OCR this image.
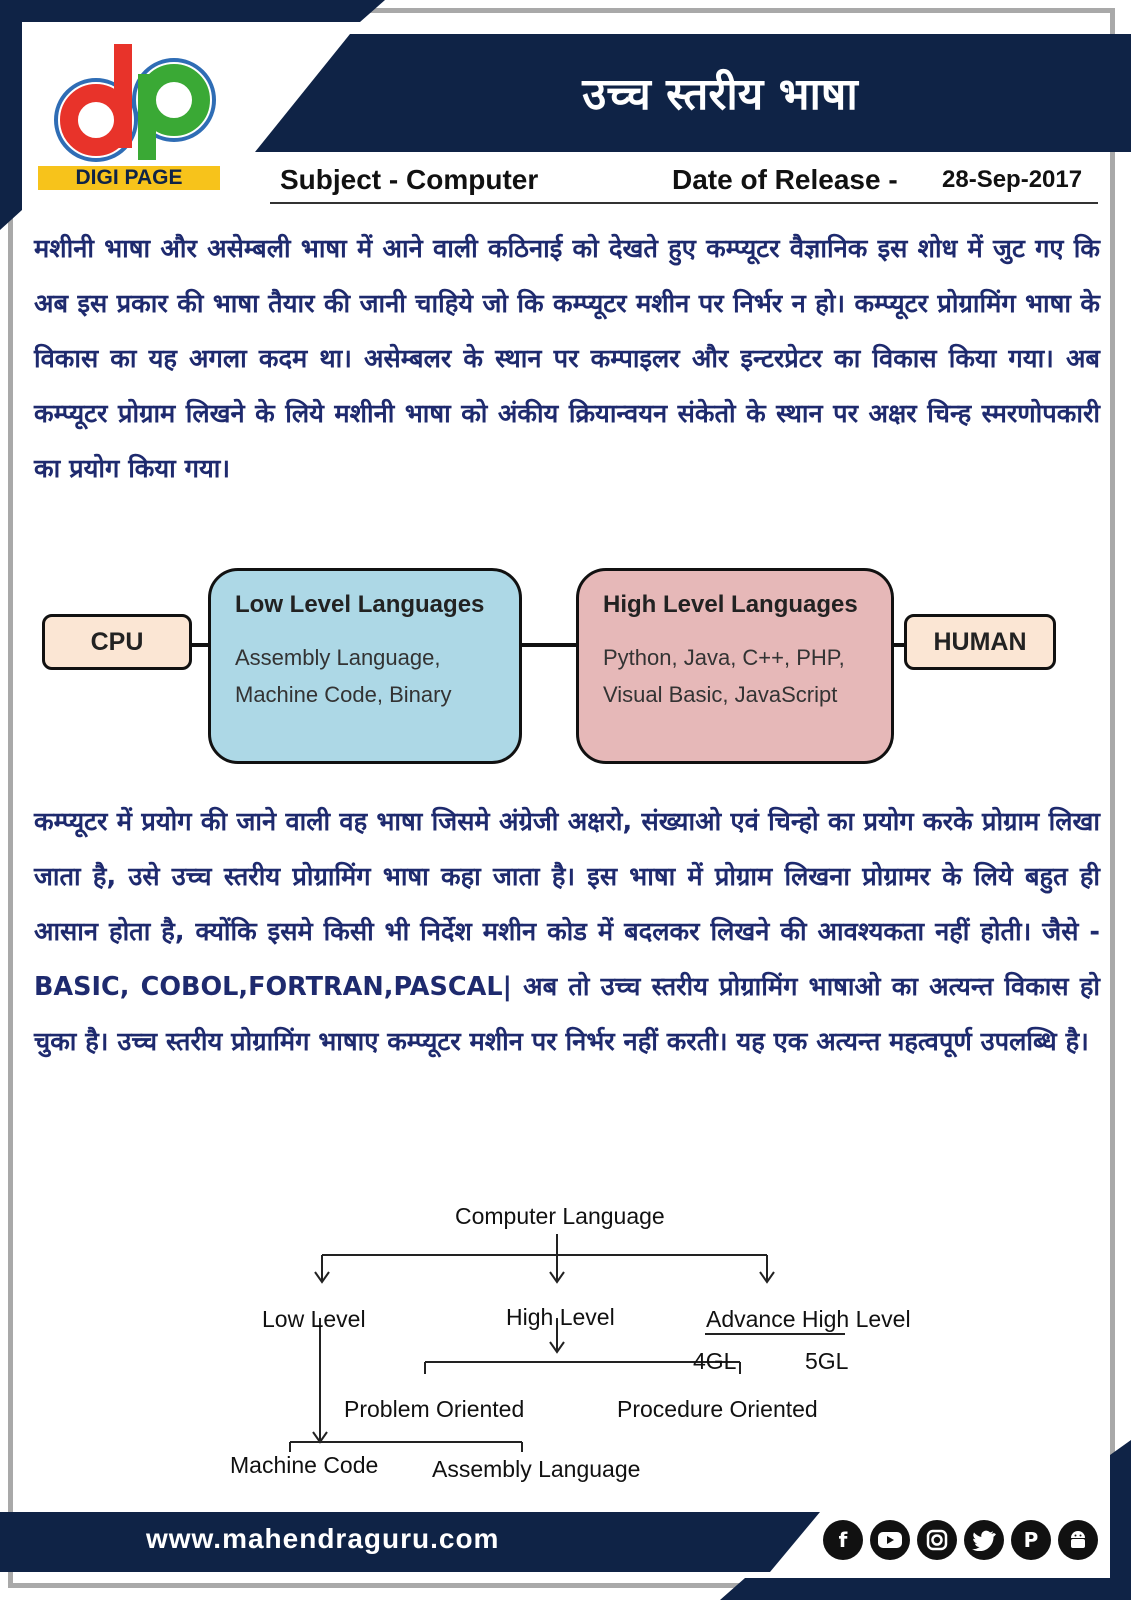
उच्च स्तरीय भाषा
DIGI PAGE	Subject - Computer	Date of Release - 28-Sep-2017
मशीनी भाषा और असेम्बली भाषा में आने वाली कठिनाई को देखते हुए कम्प्यूटर वैज्ञानिक इस शोध में जुट गए कि अब इस प्रकार की भाषा तैयार की जानी चाहिये जो कि कम्प्यूटर मशीन पर निर्भर न हो। कम्प्यूटर प्रोग्रामिंग भाषा के विकास का यह अगला कदम था। असेम्बलर के स्थान पर कम्पाइलर और इन्टरप्रेटर का विकास किया गया। अब कम्प्यूटर प्रोग्राम लिखने के लिये मशीनी भाषा को अंकीय क्रियान्वयन संकेतो के स्थान पर अक्षर चिन्ह स्मरणोपकारी का प्रयोग किया गया।
CPU
Low Level Languages
Assembly Language,
Machine Code, Binary
High Level Languages
Python, Java, C++, PHP,
Visual Basic, JavaScript
HUMAN
कम्प्यूटर में प्रयोग की जाने वाली वह भाषा जिसमे अंग्रेजी अक्षरो, संख्याओ एवं चिन्हो का प्रयोग करके प्रोग्राम लिखा जाता है, उसे उच्च स्तरीय प्रोग्रामिंग भाषा कहा जाता है। इस भाषा में प्रोग्राम लिखना प्रोग्रामर के लिये बहुत ही आसान होता है, क्योंकि इसमे किसी भी निर्देश मशीन कोड में बदलकर लिखने की आवश्यकता नहीं होती। जैसे -BASIC, COBOL,FORTRAN,PASCAL| अब तो उच्च स्तरीय प्रोग्रामिंग भाषाओ का अत्यन्त विकास हो चुका है। उच्च स्तरीय प्रोग्रामिंग भाषाए कम्प्यूटर मशीन पर निर्भर नहीं करती। यह एक अत्यन्त महत्वपूर्ण उपलब्धि है।
Computer Language
Low Level	High Level	Advance High Level
4GL	5GL
Problem Oriented	Procedure Oriented
Machine Code Assembly Language
www.mahendraguru.com	f	P
